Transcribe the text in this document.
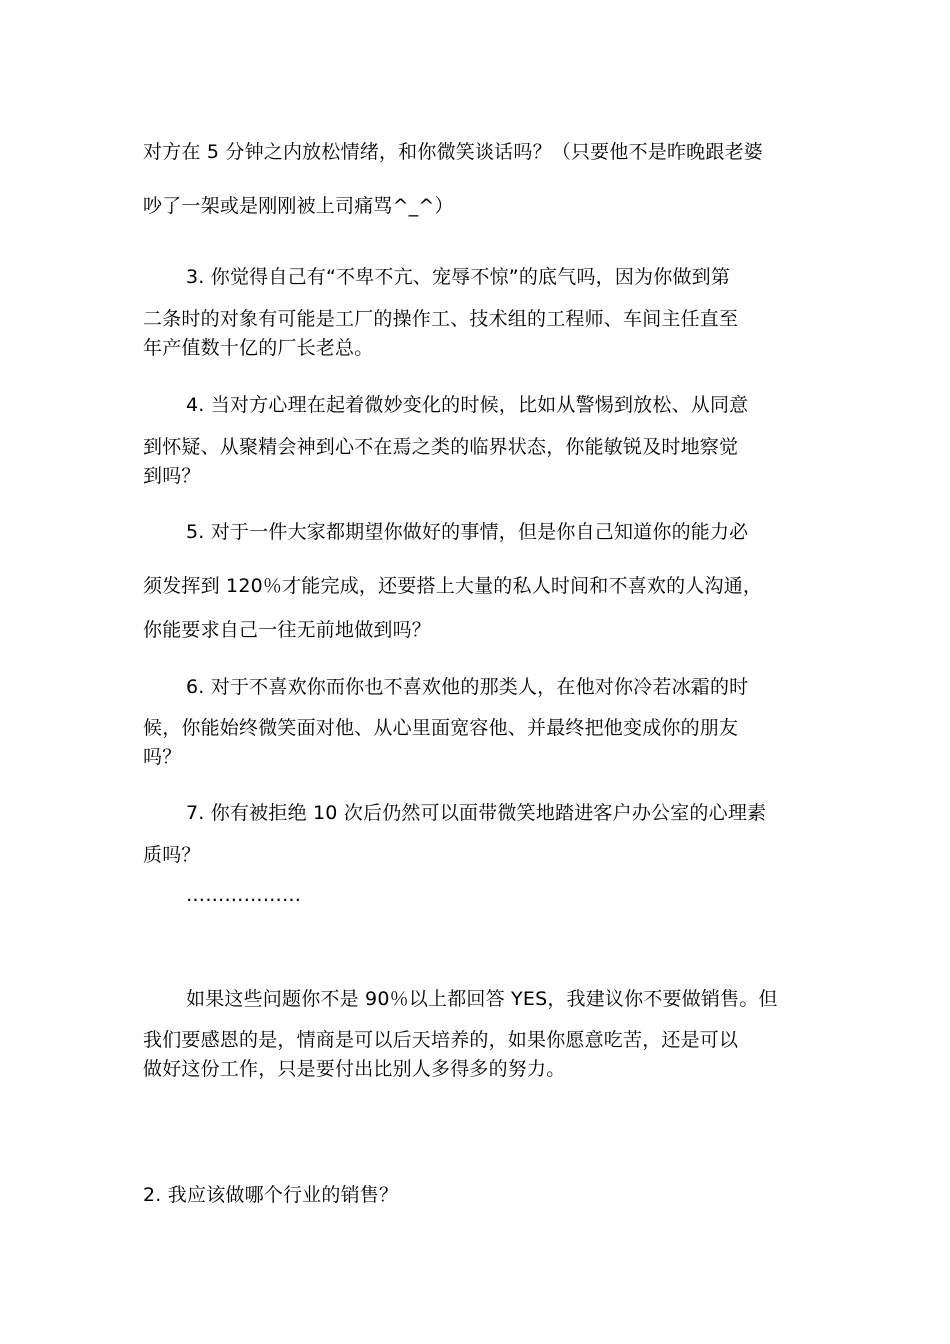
对方在 5 分钟之内放松情绪，和你微笑谈话吗？（只要他不是昨晚跟老婆
吵了一架或是刚刚被上司痛骂^_^）
3. 你觉得自己有“不卑不亢、宠辱不惊”的底气吗，因为你做到第
二条时的对象有可能是工厂的操作工、技术组的工程师、车间主任直至
年产值数十亿的厂长老总。
4. 当对方心理在起着微妙变化的时候，比如从警惕到放松、从同意
到怀疑、从聚精会神到心不在焉之类的临界状态，你能敏锐及时地察觉
到吗？
5. 对于一件大家都期望你做好的事情，但是你自己知道你的能力必
须发挥到 120％才能完成，还要搭上大量的私人时间和不喜欢的人沟通，
你能要求自己一往无前地做到吗？
6. 对于不喜欢你而你也不喜欢他的那类人，在他对你冷若冰霜的时
候，你能始终微笑面对他、从心里面宽容他、并最终把他变成你的朋友
吗？
7. 你有被拒绝 10 次后仍然可以面带微笑地踏进客户办公室的心理素
质吗？
………………
如果这些问题你不是 90％以上都回答 YES，我建议你不要做销售。但
我们要感恩的是，情商是可以后天培养的，如果你愿意吃苦，还是可以
做好这份工作，只是要付出比别人多得多的努力。
2. 我应该做哪个行业的销售？
